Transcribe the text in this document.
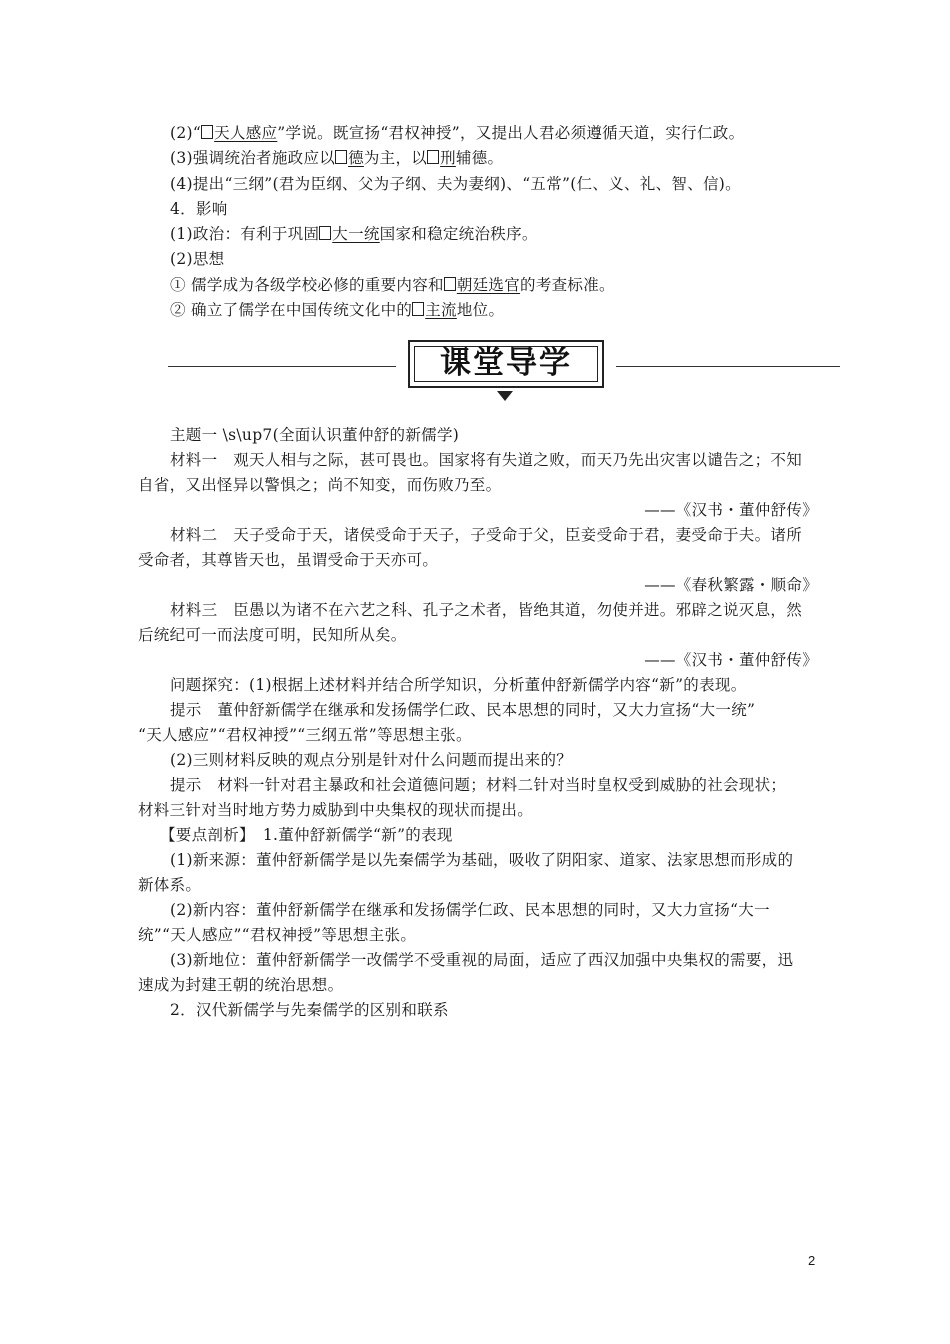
(2)“ 天人感应”学说。既宣扬“君权神授”，又提出人君必须遵循天道，实行仁政。
(3)强调统治者施政应以 德为主，以 刑辅德。
(4)提出“三纲”(君为臣纲、父为子纲、夫为妻纲)、“五常”(仁、义、礼、智、信)。
4．影响
(1)政治：有利于巩固 大一统国家和稳定统治秩序。
(2)思想
① 儒学成为各级学校必修的重要内容和 朝廷选官的考查标准。
② 确立了儒学在中国传统文化中的 主流地位。
课堂导学
主题一 \s\up7(全面认识董仲舒的新儒学)
材料一　观天人相与之际，甚可畏也。国家将有失道之败，而天乃先出灾害以谴告之；不知
自省，又出怪异以警惧之；尚不知变，而伤败乃至。
——《汉书・董仲舒传》
材料二　天子受命于天，诸侯受命于天子，子受命于父，臣妾受命于君，妻受命于夫。诸所
受命者，其尊皆天也，虽谓受命于天亦可。
——《春秋繁露・顺命》
材料三　臣愚以为诸不在六艺之科、孔子之术者，皆绝其道，勿使并进。邪辟之说灭息，然
后统纪可一而法度可明，民知所从矣。
——《汉书・董仲舒传》
问题探究：(1)根据上述材料并结合所学知识，分析董仲舒新儒学内容“新”的表现。
提示　董仲舒新儒学在继承和发扬儒学仁政、民本思想的同时，又大力宣扬“大一统”
“天人感应”“君权神授”“三纲五常”等思想主张。
(2)三则材料反映的观点分别是针对什么问题而提出来的？
提示　材料一针对君主暴政和社会道德问题；材料二针对当时皇权受到威胁的社会现状；
材料三针对当时地方势力威胁到中央集权的现状而提出。
【要点剖析】　1.董仲舒新儒学“新”的表现
(1)新来源：董仲舒新儒学是以先秦儒学为基础，吸收了阴阳家、道家、法家思想而形成的
新体系。
(2)新内容：董仲舒新儒学在继承和发扬儒学仁政、民本思想的同时，又大力宣扬“大一
统”“天人感应”“君权神授”等思想主张。
(3)新地位：董仲舒新儒学一改儒学不受重视的局面，适应了西汉加强中央集权的需要，迅
速成为封建王朝的统治思想。
2．汉代新儒学与先秦儒学的区别和联系
2
